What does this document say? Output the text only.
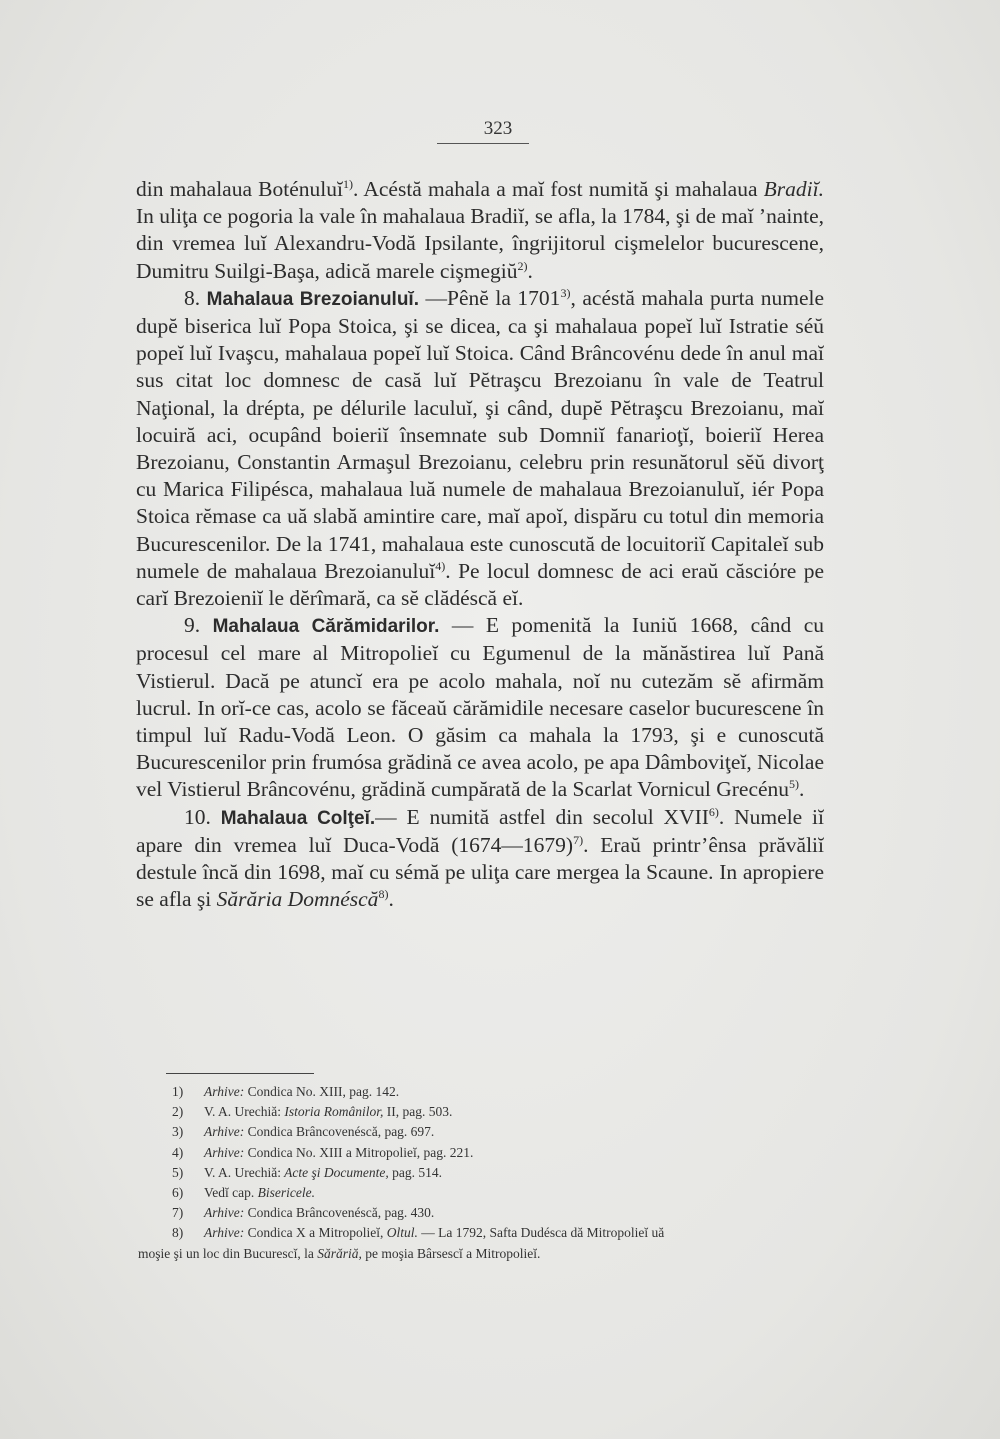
323

din mahalaua Boténuluĭ$^{1)}$. Acéstă mahala a maĭ fost numită şi mahalaua Bradiĭ. In uliţa ce pogoria la vale în mahalaua Bradiĭ, se afla, la 1784, şi de maĭ ’nainte, din vremea luĭ Alexandru-Vodă Ipsilante, îngrijitorul cişmelelor bucurescene, Dumitru Suilgi-Başa, adică marele cişmegiŭ$^{2)}$.

8. Mahalaua Brezoianuluĭ. —Pênĕ la 1701$^{3)}$, acéstă mahala purta numele dupĕ biserica luĭ Popa Stoica, şi se dicea, ca şi mahalaua popeĭ luĭ Istratie séŭ popeĭ luĭ Ivaşcu, mahalaua popeĭ luĭ Stoica. Când Brâncovénu dede în anul maĭ sus citat loc domnesc de casă luĭ Pĕtraşcu Brezoianu în vale de Teatrul Naţional, la drépta, pe délurile laculuĭ, şi când, dupĕ Pĕtraşcu Brezoianu, maĭ locuiră aci, ocupând boieriĭ însemnate sub Domniĭ fanarioţĭ, boieriĭ Herea Brezoianu, Constantin Armaşul Brezoianu, celebru prin resunătorul sĕŭ divorţ cu Marica Filipésca, mahalaua luă numele de mahalaua Brezoianuluĭ, iér Popa Stoica rĕmase ca uă slabă amintire care, maĭ apoĭ, dispăru cu totul din memoria Bucurescenilor. De la 1741, mahalaua este cunoscută de locuitoriĭ Capitaleĭ sub numele de mahalaua Brezoianuluĭ$^{4)}$. Pe locul domnesc de aci eraŭ căsciόre pe carĭ Brezoieniĭ le dĕrîmară, ca sĕ clădéscă eĭ.

9. Mahalaua Cărămidarilor. — E pomenită la Iuniŭ 1668, când cu procesul cel mare al Mitropolieĭ cu Egumenul de la mănăstirea luĭ Pană Vistierul. Dacă pe atuncĭ era pe acolo mahala, noĭ nu cutezăm sĕ afirmăm lucrul. In orĭ-ce cas, acolo se făceaŭ cărămidile necesare caselor bucurescene în timpul luĭ Radu-Vodă Leon. O găsim ca mahala la 1793, şi e cunoscută Bucurescenilor prin frumósa grădină ce avea acolo, pe apa Dâmboviţeĭ, Nicolae vel Vistierul Brâncovénu, grădină cumpărată de la Scarlat Vornicul Grecénu$^{5)}$.

10. Mahalaua Colţeĭ.— E numită astfel din secolul XVII$^{6)}$. Numele iĭ apare din vremea luĭ Duca-Vodă (1674—1679)$^{7)}$. Eraŭ printr’ênsa prăvăliĭ destule încă din 1698, maĭ cu sémă pe uliţa care mergea la Scaune. In apropiere se afla şi Sărăria Domnéscă$^{8)}$.

1) Arhive: Condica No. XIII, pag. 142.
2) V. A. Urechiă: Istoria Românilor, II, pag. 503.
3) Arhive: Condica Brâncovenéscă, pag. 697.
4) Arhive: Condica No. XIII a Mitropolieĭ, pag. 221.
5) V. A. Urechiă: Acte şi Documente, pag. 514.
6) Vedĭ cap. Bisericele.
7) Arhive: Condica Brâncovenéscă, pag. 430.
8) Arhive: Condica X a Mitropolieĭ, Oltul. — La 1792, Safta Dudésca dă Mitropolieĭ uă
moşie şi un loc din Bucurescĭ, la Sărăriă, pe moşia Bârsescĭ a Mitropolieĭ.
